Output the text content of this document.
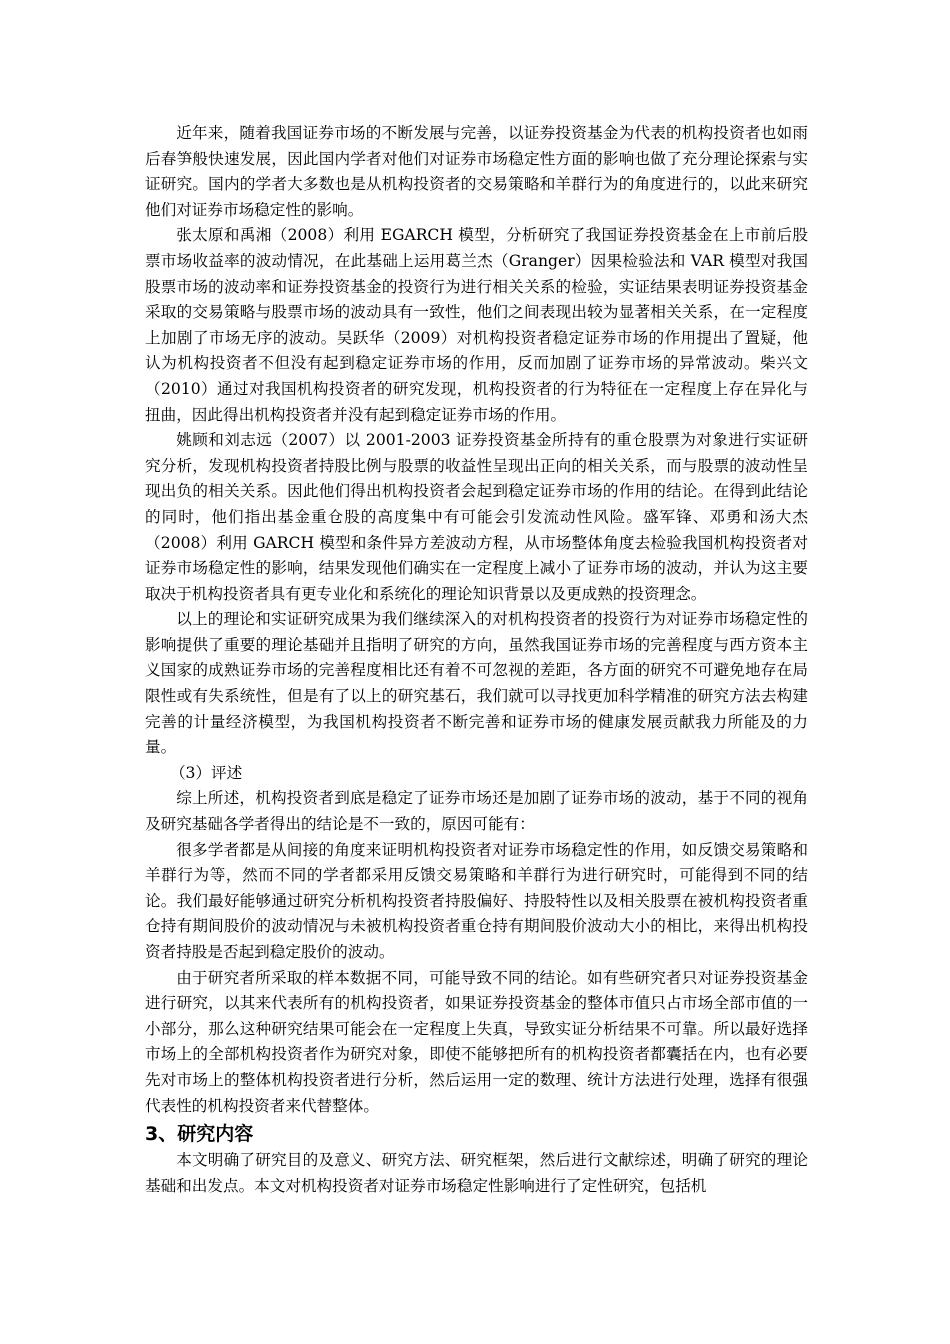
近年来，随着我国证券市场的不断发展与完善，以证券投资基金为代表的机构投资者也如雨后春笋般快速发展，因此国内学者对他们对证券市场稳定性方面的影响也做了充分理论探索与实证研究。国内的学者大多数也是从机构投资者的交易策略和羊群行为的角度进行的，以此来研究他们对证券市场稳定性的影响。

张太原和禹湘（2008）利用 EGARCH 模型，分析研究了我国证券投资基金在上市前后股票市场收益率的波动情况，在此基础上运用葛兰杰（Granger）因果检验法和 VAR 模型对我国股票市场的波动率和证券投资基金的投资行为进行相关关系的检验，实证结果表明证券投资基金采取的交易策略与股票市场的波动具有一致性，他们之间表现出较为显著相关关系，在一定程度上加剧了市场无序的波动。吴跃华（2009）对机构投资者稳定证券市场的作用提出了置疑，他认为机构投资者不但没有起到稳定证券市场的作用，反而加剧了证券市场的异常波动。柴兴文（2010）通过对我国机构投资者的研究发现，机构投资者的行为特征在一定程度上存在异化与扭曲，因此得出机构投资者并没有起到稳定证券市场的作用。

姚顾和刘志远（2007）以 2001-2003 证券投资基金所持有的重仓股票为对象进行实证研究分析，发现机构投资者持股比例与股票的收益性呈现出正向的相关关系，而与股票的波动性呈现出负的相关关系。因此他们得出机构投资者会起到稳定证券市场的作用的结论。在得到此结论的同时，他们指出基金重仓股的高度集中有可能会引发流动性风险。盛军锋、邓勇和汤大杰（2008）利用 GARCH 模型和条件异方差波动方程，从市场整体角度去检验我国机构投资者对证券市场稳定性的影响，结果发现他们确实在一定程度上减小了证券市场的波动，并认为这主要取决于机构投资者具有更专业化和系统化的理论知识背景以及更成熟的投资理念。

以上的理论和实证研究成果为我们继续深入的对机构投资者的投资行为对证券市场稳定性的影响提供了重要的理论基础并且指明了研究的方向，虽然我国证券市场的完善程度与西方资本主义国家的成熟证券市场的完善程度相比还有着不可忽视的差距，各方面的研究不可避免地存在局限性或有失系统性，但是有了以上的研究基石，我们就可以寻找更加科学精准的研究方法去构建完善的计量经济模型，为我国机构投资者不断完善和证券市场的健康发展贡献我力所能及的力量。

（3）评述

综上所述，机构投资者到底是稳定了证券市场还是加剧了证券市场的波动，基于不同的视角及研究基础各学者得出的结论是不一致的，原因可能有：

很多学者都是从间接的角度来证明机构投资者对证券市场稳定性的作用，如反馈交易策略和羊群行为等，然而不同的学者都采用反馈交易策略和羊群行为进行研究时，可能得到不同的结论。我们最好能够通过研究分析机构投资者持股偏好、持股特性以及相关股票在被机构投资者重仓持有期间股价的波动情况与未被机构投资者重仓持有期间股价波动大小的相比，来得出机构投资者持股是否起到稳定股价的波动。

由于研究者所采取的样本数据不同，可能导致不同的结论。如有些研究者只对证券投资基金进行研究，以其来代表所有的机构投资者，如果证券投资基金的整体市值只占市场全部市值的一小部分，那么这种研究结果可能会在一定程度上失真，导致实证分析结果不可靠。所以最好选择市场上的全部机构投资者作为研究对象，即使不能够把所有的机构投资者都囊括在内，也有必要先对市场上的整体机构投资者进行分析，然后运用一定的数理、统计方法进行处理，选择有很强代表性的机构投资者来代替整体。

3、研究内容

本文明确了研究目的及意义、研究方法、研究框架，然后进行文献综述，明确了研究的理论基础和出发点。本文对机构投资者对证券市场稳定性影响进行了定性研究，包括机
